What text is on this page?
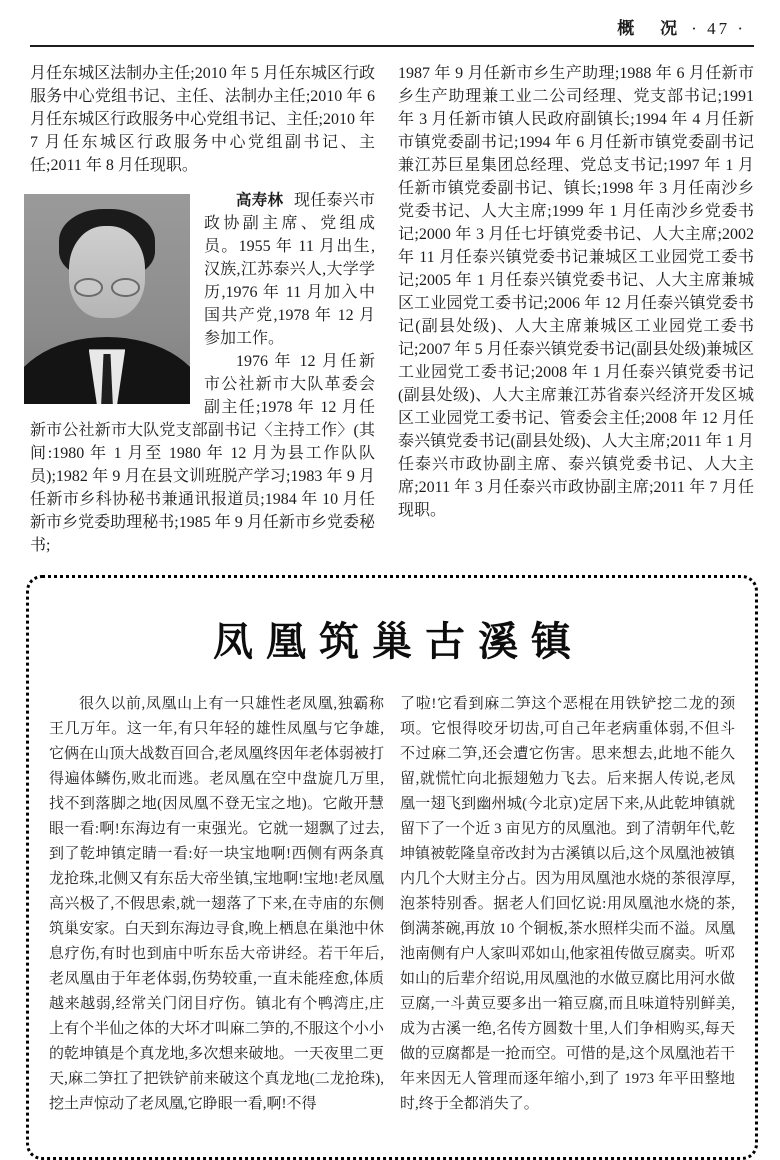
概 况 · 47 ·

月任东城区法制办主任;2010 年 5 月任东城区行政服务中心党组书记、主任、法制办主任;2010 年 6 月任东城区行政服务中心党组书记、主任;2010 年 7 月任东城区行政服务中心党组副书记、主任;2011 年 8 月任现职。

高寿林 现任泰兴市政协副主席、党组成员。1955 年 11 月出生,汉族,江苏泰兴人,大学学历,1976 年 11 月加入中国共产党,1978 年 12 月参加工作。

1976 年 12 月任新市公社新市大队革委会副主任;1978 年 12 月任新市公社新市大队党支部副书记〈主持工作〉(其间:1980 年 1 月至 1980 年 12 月为县工作队队员);1982 年 9 月在县文训班脱产学习;1983 年 9 月任新市乡科协秘书兼通讯报道员;1984 年 10 月任新市乡党委助理秘书;1985 年 9 月任新市乡党委秘书;

1987 年 9 月任新市乡生产助理;1988 年 6 月任新市乡生产助理兼工业二公司经理、党支部书记;1991 年 3 月任新市镇人民政府副镇长;1994 年 4 月任新市镇党委副书记;1994 年 6 月任新市镇党委副书记兼江苏巨星集团总经理、党总支书记;1997 年 1 月任新市镇党委副书记、镇长;1998 年 3 月任南沙乡党委书记、人大主席;1999 年 1 月任南沙乡党委书记;2000 年 3 月任七圩镇党委书记、人大主席;2002 年 11 月任泰兴镇党委书记兼城区工业园党工委书记;2005 年 1 月任泰兴镇党委书记、人大主席兼城区工业园党工委书记;2006 年 12 月任泰兴镇党委书记(副县处级)、人大主席兼城区工业园党工委书记;2007 年 5 月任泰兴镇党委书记(副县处级)兼城区工业园党工委书记;2008 年 1 月任泰兴镇党委书记(副县处级)、人大主席兼江苏省泰兴经济开发区城区工业园党工委书记、管委会主任;2008 年 12 月任泰兴镇党委书记(副县处级)、人大主席;2011 年 1 月任泰兴市政协副主席、泰兴镇党委书记、人大主席;2011 年 3 月任泰兴市政协副主席;2011 年 7 月任现职。

凤凰筑巢古溪镇

很久以前,凤凰山上有一只雄性老凤凰,独霸称王几万年。这一年,有只年轻的雄性凤凰与它争雄,它俩在山顶大战数百回合,老凤凰终因年老体弱被打得遍体鳞伤,败北而逃。老凤凰在空中盘旋几万里,找不到落脚之地(因凤凰不登无宝之地)。它敞开慧眼一看:啊!东海边有一束强光。它就一翅飘了过去,到了乾坤镇定睛一看:好一块宝地啊!西侧有两条真龙抢珠,北侧又有东岳大帝坐镇,宝地啊!宝地!老凤凰高兴极了,不假思索,就一翅落了下来,在寺庙的东侧筑巢安家。白天到东海边寻食,晚上栖息在巢池中休息疗伤,有时也到庙中听东岳大帝讲经。若干年后,老凤凰由于年老体弱,伤势较重,一直未能痊愈,体质越来越弱,经常关门闭目疗伤。镇北有个鸭湾庄,庄上有个半仙之体的大坏才叫麻二笋的,不服这个小小的乾坤镇是个真龙地,多次想来破地。一天夜里二更天,麻二笋扛了把铁铲前来破这个真龙地(二龙抢珠),挖土声惊动了老凤凰,它睁眼一看,啊!不得

了啦!它看到麻二笋这个恶棍在用铁铲挖二龙的颈项。它恨得咬牙切齿,可自己年老病重体弱,不但斗不过麻二笋,还会遭它伤害。思来想去,此地不能久留,就慌忙向北振翅勉力飞去。后来据人传说,老凤凰一翅飞到幽州城(今北京)定居下来,从此乾坤镇就留下了一个近 3 亩见方的凤凰池。到了清朝年代,乾坤镇被乾隆皇帝改封为古溪镇以后,这个凤凰池被镇内几个大财主分占。因为用凤凰池水烧的茶很淳厚,泡茶特别香。据老人们回忆说:用凤凰池水烧的茶,倒满茶碗,再放 10 个铜板,茶水照样尖而不溢。凤凰池南侧有户人家叫邓如山,他家祖传做豆腐卖。听邓如山的后辈介绍说,用凤凰池的水做豆腐比用河水做豆腐,一斗黄豆要多出一箱豆腐,而且味道特别鲜美,成为古溪一绝,名传方圆数十里,人们争相购买,每天做的豆腐都是一抢而空。可惜的是,这个凤凰池若干年来因无人管理而逐年缩小,到了 1973 年平田整地时,终于全都消失了。
